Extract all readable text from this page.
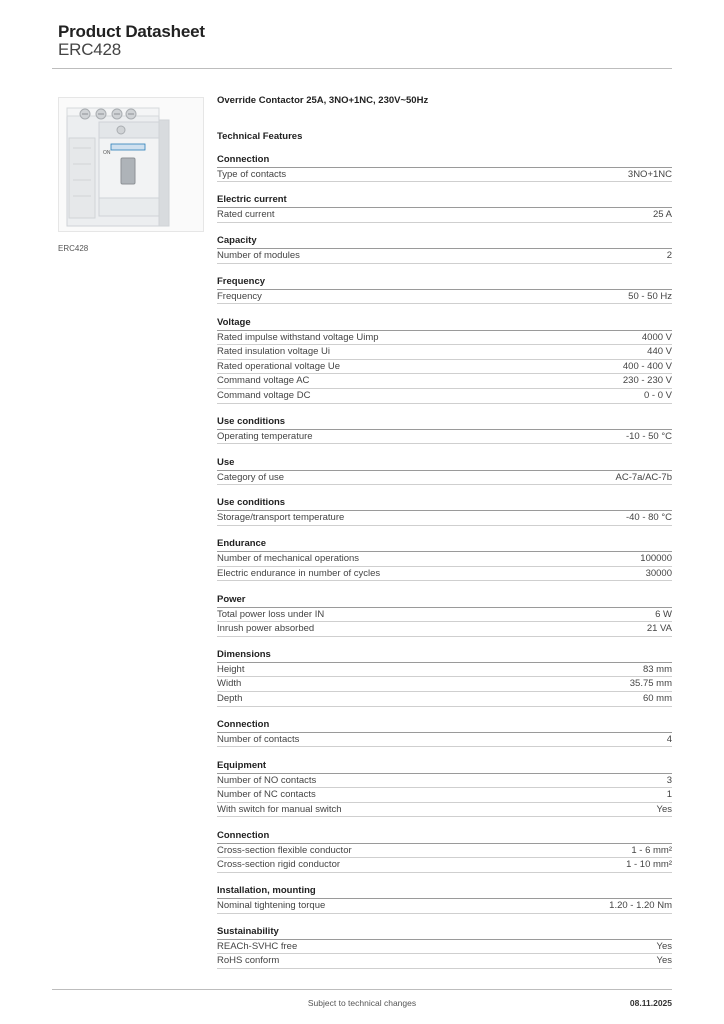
Product Datasheet
ERC428
ON
ERC428
Override Contactor 25A, 3NO+1NC, 230V~50Hz
Technical Features
Connection
Type of contacts	3NO+1NC
Electric current
Rated current	25 A
Capacity
Number of modules	2
Frequency
Frequency	50 - 50 Hz
Voltage
Rated impulse withstand voltage Uimp	4000 V
Rated insulation voltage Ui	440 V
Rated operational voltage Ue	400 - 400 V
Command voltage AC	230 - 230 V
Command voltage DC	0 - 0 V
Use conditions
Operating temperature	-10 - 50 °C
Use
Category of use	AC-7a/AC-7b
Use conditions
Storage/transport temperature	-40 - 80 °C
Endurance
Number of mechanical operations	100000
Electric endurance in number of cycles	30000
Power
Total power loss under IN	6 W
Inrush power absorbed	21 VA
Dimensions
Height	83 mm
Width	35.75 mm
Depth	60 mm
Connection
Number of contacts	4
Equipment
Number of NO contacts	3
Number of NC contacts	1
With switch for manual switch	Yes
Connection
Cross-section flexible conductor	1 - 6 mm²
Cross-section rigid conductor	1 - 10 mm²
Installation, mounting
Nominal tightening torque	1.20 - 1.20 Nm
Sustainability
REACh-SVHC free	Yes
RoHS conform	Yes
Subject to technical changes	08.11.2025
